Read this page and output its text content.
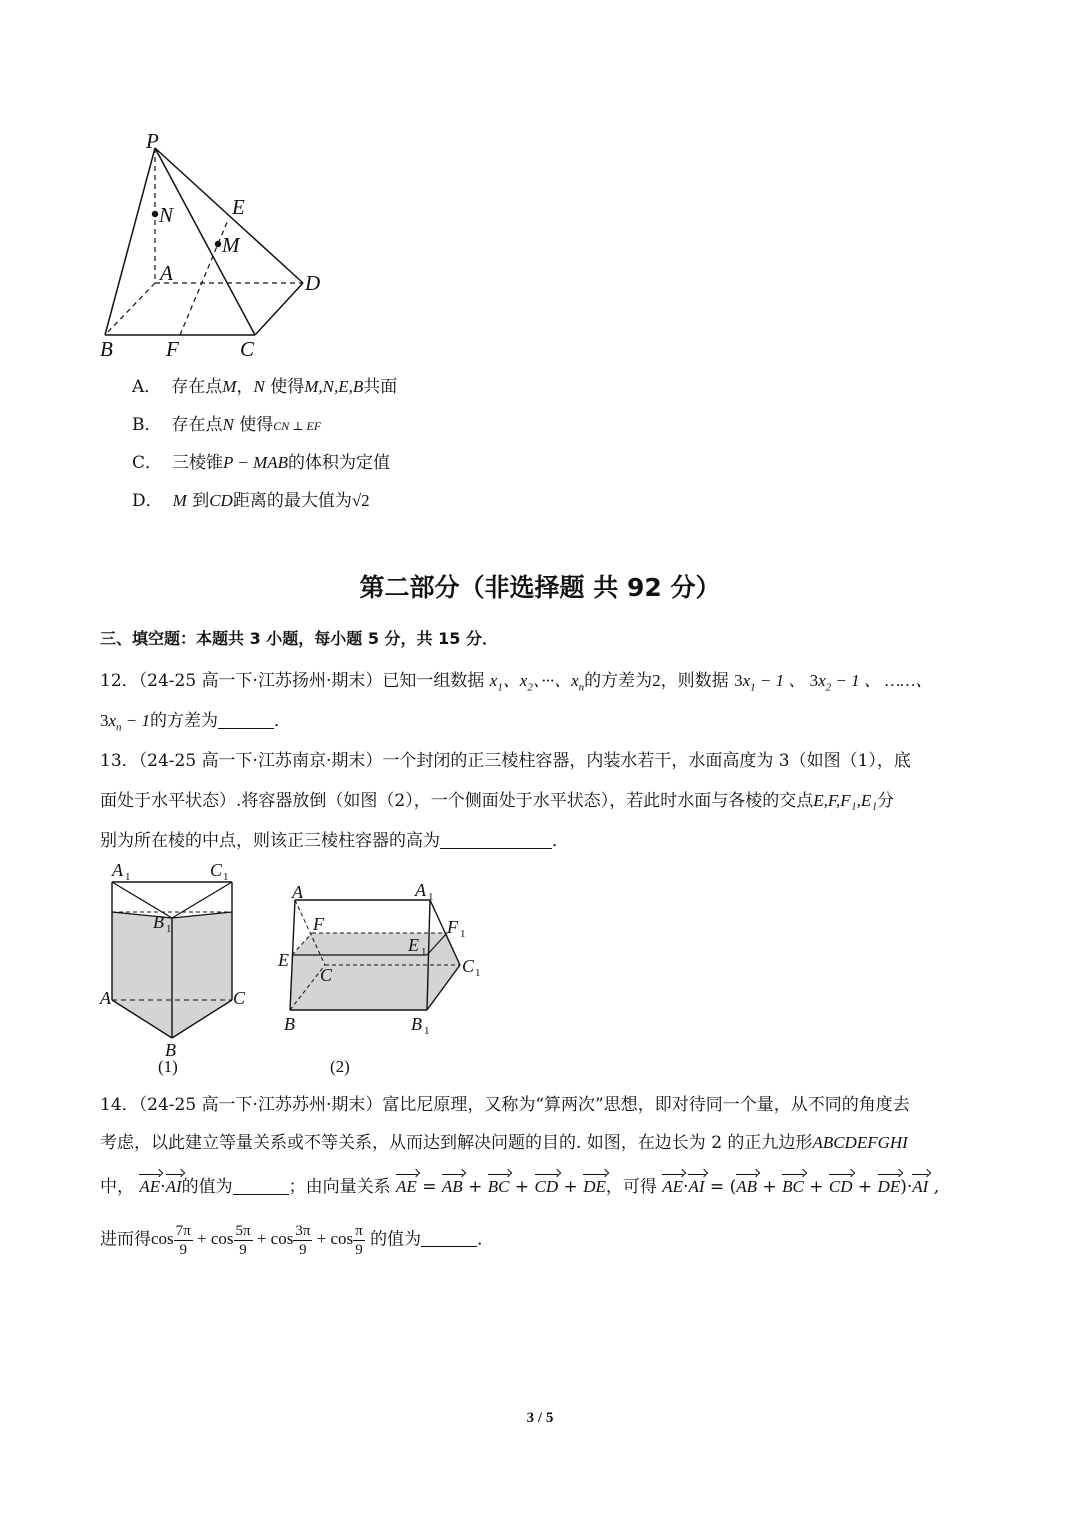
P
N	E
M
A	D
B	F	C
A． 存在点M，N 使得M,N,E,B共面
B． 存在点N 使得CN ⊥ EF
C． 三棱锥P − MAB的体积为定值
D． M 到CD距离的最大值为√2
第二部分（非选择题 共 92 分）
三、填空题：本题共 3 小题，每小题 5 分，共 15 分．
12．（24-25 高一下·江苏扬州·期末）已知一组数据 $x_1$、$x_2$、···、$x_n$的方差为2，则数据 $3x_1 - 1$ 、 $3x_2 - 1$ 、 ……、
$3x_n - 1$的方差为	．
13．（24-25 高一下·江苏南京·期末）一个封闭的正三棱柱容器，内装水若干，水面高度为 3（如图（1），底
面处于水平状态）.将容器放倒（如图（2），一个侧面处于水平状态），若此时水面与各棱的交点E,F,F₁,E₁分
别为所在棱的中点，则该正三棱柱容器的高为	．
A 1	C 1
B 1
A	C
B
(1)
A	A 1
F	F 1
E 1
E
C	C 1
B	B 1
(2)
14．（24-25 高一下·江苏苏州·期末）富比尼原理，又称为“算两次”思想，即对待同一个量，从不同的角度去
考虑，以此建立等量关系或不等关系，从而达到解决问题的目的. 如图，在边长为 2 的正九边形ABCDEFGHI
中， AE·AI的值为	；由向量关系 AE = AB + BC + CD + DE，可得 AE·AI = (AB + BC + CD + DE)·AI ,
进而得$\cos \frac{7\pi}{9} + \cos \frac{5\pi}{9} + \cos \frac{3\pi}{9} + \cos \frac{\pi}{9}$ 的值为	．
3 / 5
